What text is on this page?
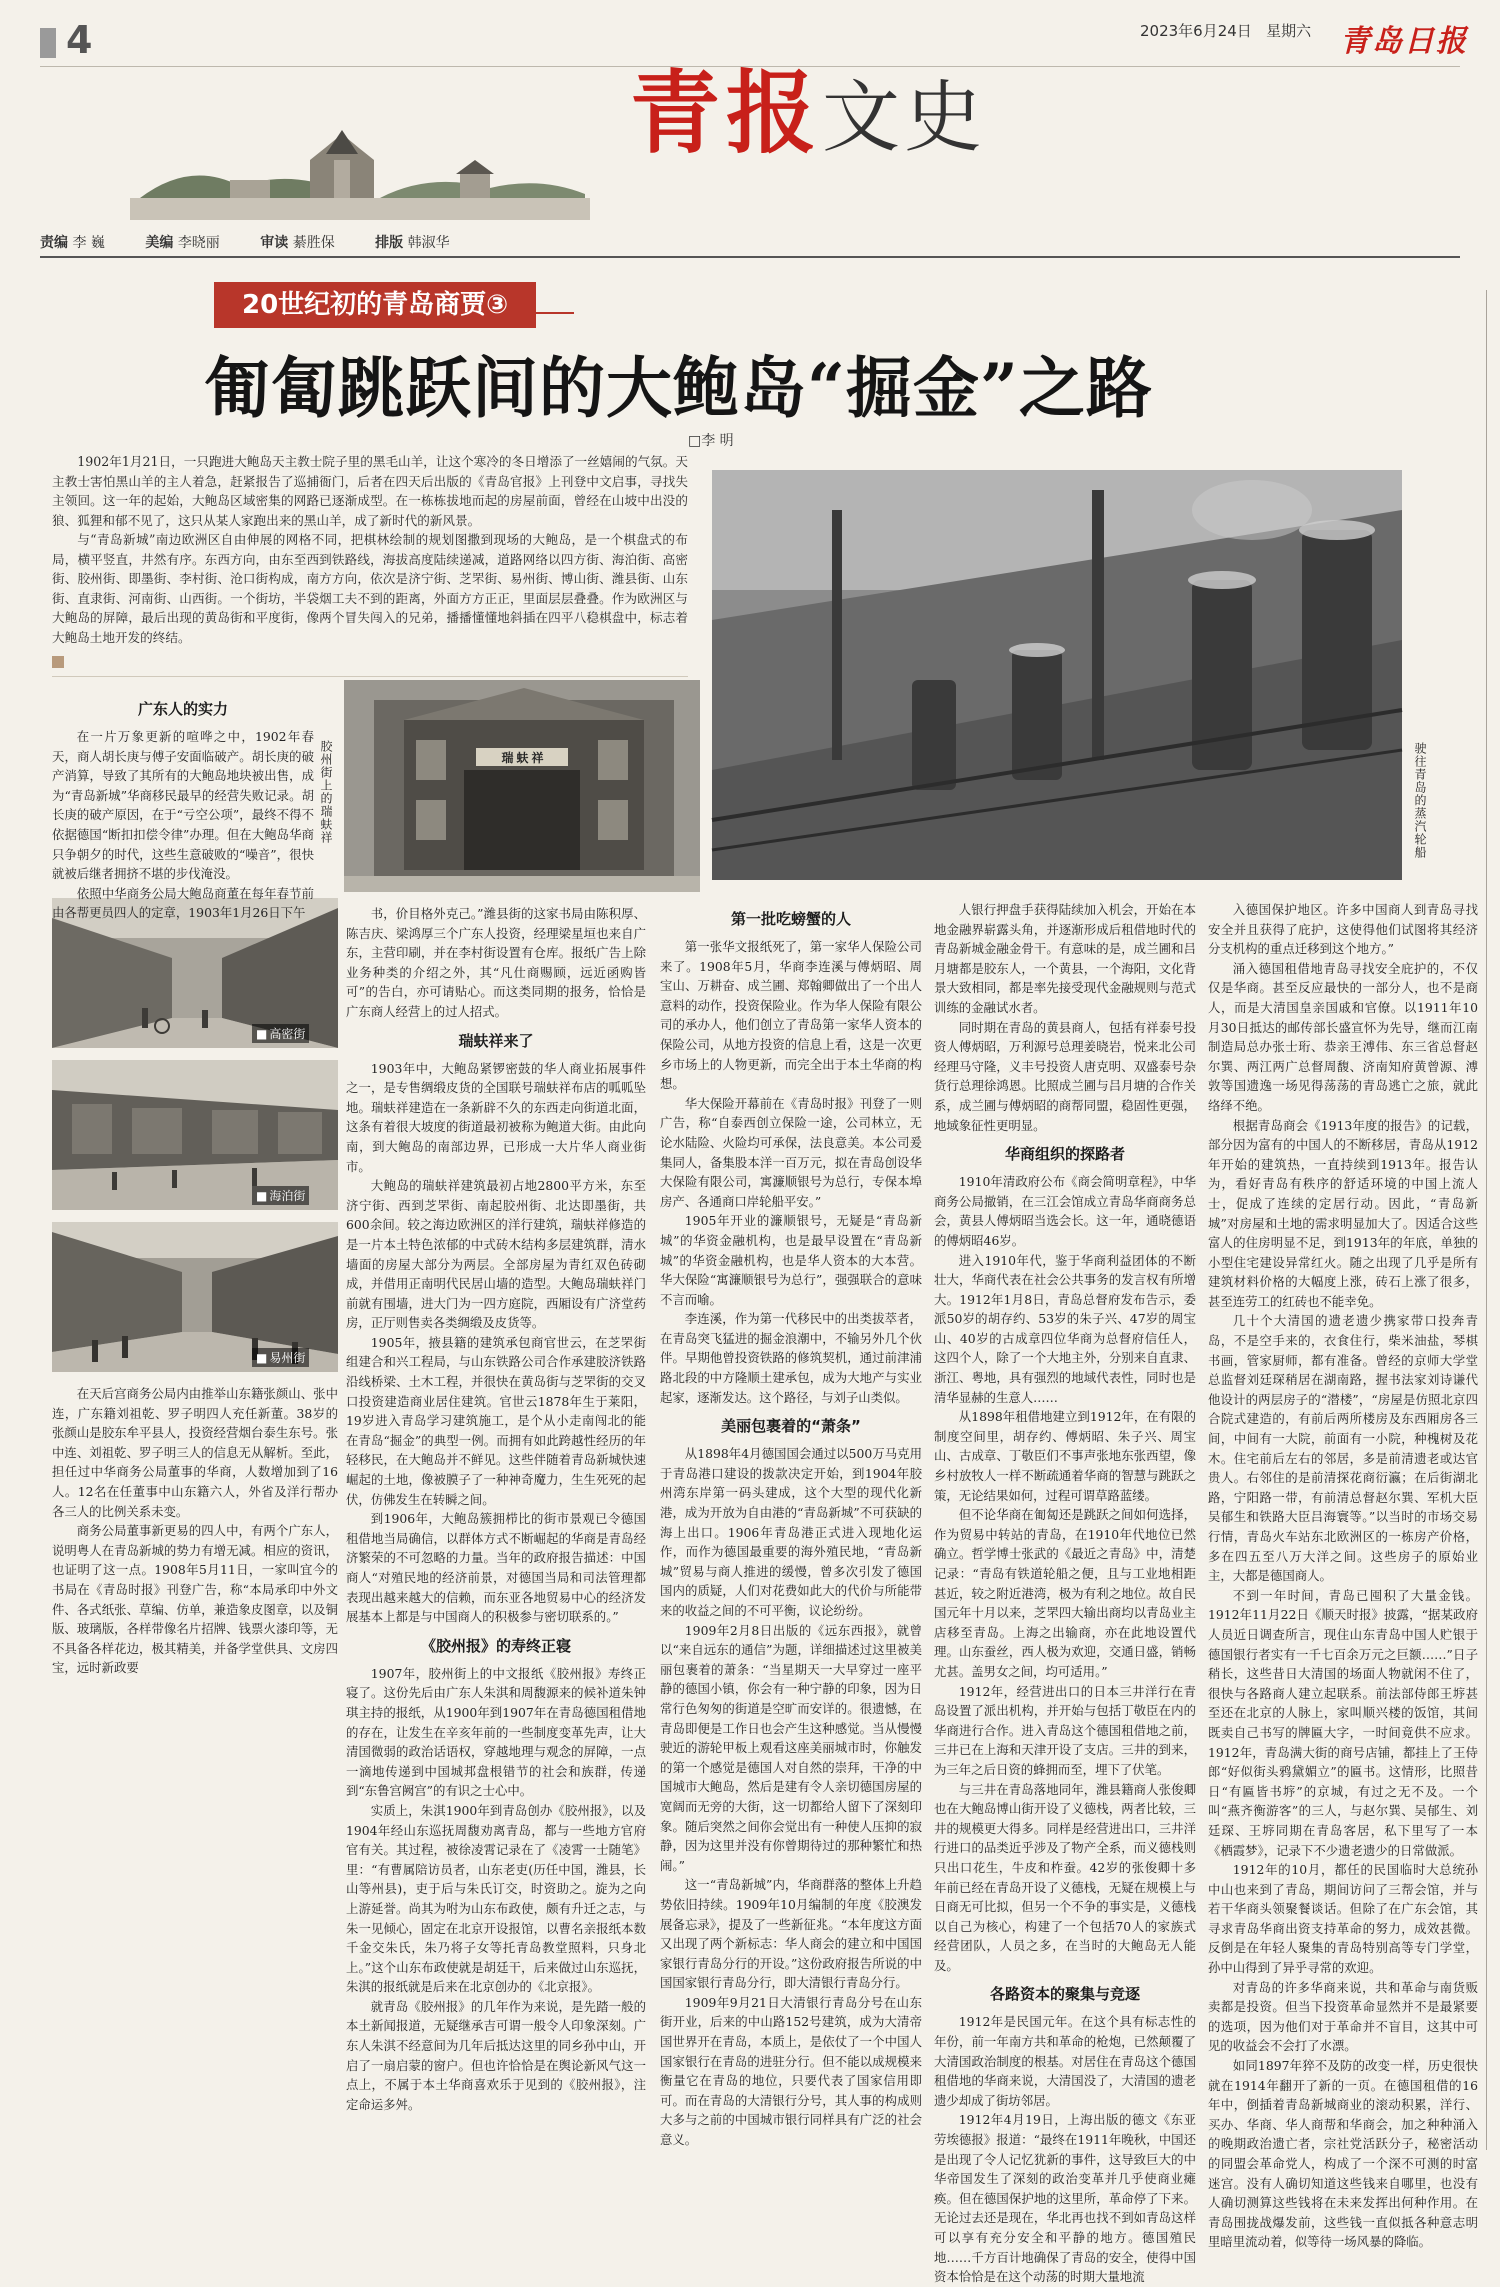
4	2023年6月24日 星期六 青岛日报
青报文史
责编 李 巍	美编 李晓丽	审读 綦胜保	排版 韩淑华
20世纪初的青岛商贾③
匍匐跳跃间的大鲍岛“掘金”之路
□李 明

1902年1月21日，一只跑进大鲍岛天主教士院子里的黑毛山羊，让这个寒冷的冬日增添了一丝嬉闹的气氛。天主教士害怕黑山羊的主人着急，赶紧报告了巡捕衙门，后者在四天后出版的《青岛官报》上刊登中文启事，寻找失主领回。这一年的起始，大鲍岛区域密集的网路已逐渐成型。在一栋栋拔地而起的房屋前面，曾经在山坡中出没的狼、狐狸和郁不见了，这只从某人家跑出来的黑山羊，成了新时代的新风景。

与“青岛新城”南边欧洲区自由伸展的网格不同，把棋林绘制的规划图撒到现场的大鲍岛，是一个棋盘式的布局，横平竖直，井然有序。东西方向，由东至西到铁路线，海拔高度陆续递减，道路网络以四方街、海泊街、高密街、胶州街、即墨街、李村街、沧口街构成，南方方向，依次是济宁街、芝罘街、易州街、博山街、潍县街、山东街、直隶街、河南街、山西街。一个街坊，半袋烟工夫不到的距离，外面方方正正，里面层层叠叠。作为欧洲区与大鲍岛的屏障，最后出现的黄岛街和平度街，像两个冒失闯入的兄弟，播播懂懂地斜插在四平八稳棋盘中，标志着大鲍岛土地开发的终结。

驶往青岛的蒸汽轮船
瑞蚨祥
胶州街上的瑞蚨祥
■ 高密街
■ 海泊街
■ 易州街

在天后宫商务公局内由推举山东籍张颜山、张中连，广东籍刘祖乾、罗子明四人充任新董。38岁的张颜山是胶东牟平县人，投资经营烟台泰生东号。张中连、刘祖乾、罗子明三人的信息无从解析。至此，担任过中华商务公局董事的华商，人数增加到了16人。12名在任董事中山东籍六人，外省及洋行帮办各三人的比例关系未变。

商务公局董事新更易的四人中，有两个广东人，说明粤人在青岛新城的势力有增无减。相应的资讯，也证明了这一点。1908年5月11日，一家叫宜今的书局在《青岛时报》刊登广告，称“本局承印中外文件、各式纸张、草编、仿单，兼造象皮图章，以及铜版、玻璃版，各样带像名片招牌、钱票火漆印等，无不具备各样花边，极其精美，并备学堂供具、文房四宝，远时新政要

书，价目格外克己。”潍县街的这家书局由陈积厚、陈吉庆、梁鸿厚三个广东人投资，经理梁星垣也来自广东，主营印刷，并在李村街设置有仓库。报纸广告上除业务种类的介绍之外，其“凡仕商赐顾，远近函购皆可”的告白，亦可请贴心。而这类同期的报务，恰恰是广东商人经营上的过人招式。

瑞蚨祥来了

1903年中，大鲍岛紧锣密鼓的华人商业拓展事件之一，是专售绸缎皮货的全国联号瑞蚨祥布店的呱呱坠地。瑞蚨祥建造在一条新辟不久的东西走向街道北面，这条有着很大坡度的街道最初被称为鲍道大街。由此向南，到大鲍岛的南部边界，已形成一大片华人商业街市。

大鲍岛的瑞蚨祥建筑最初占地2800平方米，东至济宁街、西到芝罘街、南起胶州街、北达即墨街，共600余间。较之海边欧洲区的洋行建筑，瑞蚨祥修造的是一片本土特色浓郁的中式砖木结构多层建筑群，清水墙面的房屋大部分为两层。全部房屋为青红双色砖砌成，并借用正南明代民居山墙的造型。大鲍岛瑞蚨祥门前就有围墙，进大门为一四方庭院，西厢设有广济堂药房，正厅则售卖各类绸缎及皮货等。

1905年，掖县籍的建筑承包商官世云，在芝罘街组建合和兴工程局，与山东铁路公司合作承建胶济铁路沿线桥梁、土木工程，并很快在黄岛街与芝罘街的交叉口投资建造商业居住建筑。官世云1878年生于莱阳，19岁进入青岛学习建筑施工，是个从小走南闯北的能在青岛“掘金”的典型一例。而拥有如此跨越性经历的年轻移民，在大鲍岛并不鲜见。这些伴随着青岛新城快速崛起的土地，像被膜子了一种神奇魔力，生生死死的起伏，仿佛发生在转瞬之间。

到1906年，大鲍岛簇拥栉比的街市景观已令德国租借地当局确信，以群体方式不断崛起的华商是青岛经济繁荣的不可忽略的力量。当年的政府报告描述：中国商人“对殖民地的经济前景，对德国当局和司法管理都表现出越来越大的信赖，而东亚各地贸易中心的经济发展基本上都是与中国商人的积极参与密切联系的。”

《胶州报》的寿终正寝

1907年，胶州街上的中文报纸《胶州报》寿终正寝了。这份先后由广东人朱淇和周馥源来的候补道朱钟琪主持的报纸，从1900年到1907年在青岛德国租借地的存在，让发生在辛亥年前的一些制度变革先声，让大清国微弱的政治话语权，穿越地理与观念的屏障，一点一滴地传递到中国城邦盘根错节的社会和族群，传递到“东鲁宫阙宫”的有识之士心中。

实质上，朱淇1900年到青岛创办《胶州报》，以及1904年经山东巡抚周馥劝离青岛，都与一些地方官府官有关。其过程，被徐凌霄记录在了《凌霄一士随笔》里：“有曹属陪访员者，山东老吏(历任中国，潍县，长山等州县)，吏于后与朱氏订交，时资助之。旋为之向上游延誉。尚其为咐为山东布政使，颇有升迁之志，与朱一见倾心，固定在北京开设报馆，以曹名亲报纸本数千金交朱氏，朱乃将子女等托青岛教堂照料，只身北上。”这个山东布政使就是胡廷干，后来做过山东巡抚，朱淇的报纸就是后来在北京创办的《北京报》。

就青岛《胶州报》的几年作为来说，是先踏一般的本土新闻报道，无疑继承吉可谓一般令人印象深刻。广东人朱淇不经意间为几年后抵达这里的同乡孙中山，开启了一扇启蒙的窗户。但也许恰恰是在舆论新风气这一点上，不属于本土华商喜欢乐于见到的《胶州报》，注定命运多舛。

第一批吃螃蟹的人

第一张华文报纸死了，第一家华人保险公司来了。1908年5月，华商李连溪与傅炳昭、周宝山、万耕奋、成兰圃、郑翰卿做出了一个出人意料的动作，投资保险业。作为华人保险有限公司的承办人，他们创立了青岛第一家华人资本的保险公司，从地方投资的信息上看，这是一次更乡市场上的人物更新，而完全出于本土华商的构想。

华大保险开幕前在《青岛时报》刊登了一则广告，称“自泰西创立保险一途，公司林立，无论水陆险、火险均可承保，法良意美。本公司爰集同人，备集股本洋一百万元，拟在青岛创设华大保险有限公司，寓濂顺银号为总行，专保本埠房产、各通商口岸轮船平安。”

1905年开业的濂顺银号，无疑是“青岛新城”的华资金融机构，也是最早设置在“青岛新城”的华资金融机构，也是华人资本的大本营。华大保险“寓濂顺银号为总行”，强强联合的意味不言而喻。

李连溪，作为第一代移民中的出类拔萃者，在青岛突飞猛进的掘金浪潮中，不输另外几个伙伴。早期他曾投资铁路的修筑契机，通过前津浦路北段的中方隆顺土建承包，成为大地产与实业起家，逐渐发达。这个路径，与刘子山类似。

美丽包裹着的“萧条”

从1898年4月德国国会通过以500万马克用于青岛港口建设的拨款决定开始，到1904年胶州湾东岸第一码头建成，这个大型的现代化新港，成为开放为自由港的“青岛新城”不可获缺的海上出口。1906年青岛港正式进入现地化运作，而作为德国最重要的海外殖民地，“青岛新城”贸易与商人推进的缓慢，曾多次引发了德国国内的质疑，人们对花费如此大的代价与所能带来的收益之间的不可平衡，议论纷纷。

1909年2月8日出版的《远东西报》，就曾以“来自远东的通信”为题，详细描述过这里被美丽包裹着的萧条：“当星期天一大早穿过一座平静的德国小镇，你会有一种宁静的印象，因为日常行色匆匆的街道是空旷而安详的。很遗憾，在青岛即便是工作日也会产生这种感觉。当从慢慢驶近的游轮甲板上观看这座美丽城市时，你触发的第一个感觉是德国人对自然的崇拜，干净的中国城市大鲍岛，然后是建有令人亲切德国房屋的宽阔而无旁的大街，这一切都给人留下了深刻印象。随后突然之间你会觉出有一种使人压抑的寂静，因为这里并没有你曾期待过的那种繁忙和热闹。”

这一“青岛新城”内，华商群落的整体上升趋势依旧持续。1909年10月编制的年度《胶澳发展备忘录》，提及了一些新征兆。“本年度这方面又出现了两个新标志：华人商会的建立和中国国家银行青岛分行的开设。”这份政府报告所说的中国国家银行青岛分行，即大清银行青岛分行。

1909年9月21日大清银行青岛分号在山东街开业，后来的中山路152号建筑，成为大清帝国世界开在青岛，本质上，是依仗了一个中国人国家银行在青岛的进驻分行。但不能以成规模来衡量它在青岛的地位，只要代表了国家信用即可。而在青岛的大清银行分号，其人事的构成则大多与之前的中国城市银行同样具有广泛的社会意义。

人银行押盘手获得陆续加入机会，开始在本地金融界崭露头角，并逐渐形成后租借地时代的青岛新城金融金骨干。有意味的是，成兰圃和吕月塘都是胶东人，一个黄县，一个海阳，文化背景大致相同，都是率先接受现代金融规则与范式训练的金融试水者。

同时期在青岛的黄县商人，包括有祥泰号投资人傅炳昭，万利源号总理姜晓岩，悦来北公司经理马守隆，义丰号投资人唐克明、双盛泰号杂货行总理徐鸿恩。比照成兰圃与吕月塘的合作关系，成兰圃与傅炳昭的商帮同盟，稳固性更强，地域象征性更明显。

华商组织的探路者

1910年清政府公布《商会简明章程》，中华商务公局撤销，在三江会馆成立青岛华商商务总会，黄县人傅炳昭当选会长。这一年，通晓德语的傅炳昭46岁。

进入1910年代，鉴于华商利益团体的不断壮大，华商代表在社会公共事务的发言权有所增大。1912年1月8日，青岛总督府发布告示，委派50岁的胡存约、53岁的朱子兴、47岁的周宝山、40岁的古成章四位华商为总督府信任人，这四个人，除了一个大地主外，分别来自直隶、浙江、粤地，具有强烈的地域代表性，同时也是清华显赫的生意人……

从1898年租借地建立到1912年，在有限的制度空间里，胡存约、傅炳昭、朱子兴、周宝山、古成章、丁敬臣们不事声张地东张西望，像乡村放牧人一样不断疏通着华商的智慧与跳跃之策，无论结果如何，过程可谓草路蓝缕。

但不论华商在匍匐还是跳跃之间如何选择，作为贸易中转站的青岛，在1910年代地位已然确立。哲学博士张武的《最近之青岛》中，清楚记录：“青岛有铁道轮船之便，且与工业地相距甚近，较之附近港湾，极为有利之地位。故自民国元年十月以来，芝罘四大输出商均以青岛业主店移至青岛。上海之出输商，亦在此地设置代理。山东蚕丝，西人极为欢迎，交通日盛，销畅尤甚。盖男女之间，均可适用。”

1912年，经营进出口的日本三井洋行在青岛设置了派出机构，并开始与包括丁敬臣在内的华商进行合作。进入青岛这个德国租借地之前，三井已在上海和天津开设了支店。三井的到来，为三年之后日资的蜂拥而至，埋下了伏笔。

与三井在青岛落地同年，潍县籍商人张俊卿也在大鲍岛博山街开设了义德栈，两者比较，三井的规模更大得多。同样是经营进出口，三井洋行进口的品类近乎涉及了物产全系，而义德栈则只出口花生，牛皮和柞蚕。42岁的张俊卿十多年前已经在青岛开设了义德栈，无疑在规模上与日商无可比拟，但另一个不争的事实是，义德栈以自己为核心，构建了一个包括70人的家族式经营团队，人员之多，在当时的大鲍岛无人能及。

各路资本的聚集与竞逐

1912年是民国元年。在这个具有标志性的年份，前一年南方共和革命的枪炮，已然颠覆了大清国政治制度的根基。对居住在青岛这个德国租借地的华商来说，大清国没了，大清国的遗老遗少却成了街坊邻居。

1912年4月19日，上海出版的德文《东亚劳埃德报》报道：“最终在1911年晚秋，中国还是出现了令人记忆犹新的事件，这导致巨大的中华帝国发生了深刻的政治变革并几乎使商业瘫痪。但在德国保护地的这里所，革命停了下来。无论过去还是现在，华北再也找不到如青岛这样可以享有充分安全和平静的地方。德国殖民地……千方百计地确保了青岛的安全，使得中国资本恰恰是在这个动荡的时期大量地流

入德国保护地区。许多中国商人到青岛寻找安全并且获得了庇护，这使得他们试图将其经济分支机构的重点迁移到这个地方。”

涌入德国租借地青岛寻找安全庇护的，不仅仅是华商。甚至反应最快的一部分人，也不是商人，而是大清国皇亲国戚和官僚。以1911年10月30日抵达的邮传部长盛宣怀为先导，继而江南制造局总办张士珩、恭亲王溥伟、东三省总督赵尔巽、两江两广总督周馥、济南知府黄曾源、溥敦等国遗逸一场见得荡荡的青岛逃亡之旅，就此络绎不绝。

根据青岛商会《1913年度的报告》的记载，部分因为富有的中国人的不断移居，青岛从1912年开始的建筑热，一直持续到1913年。报告认为，看好青岛有秩序的舒适环境的中国上流人士，促成了连续的定居行动。因此，“青岛新城”对房屋和土地的需求明显加大了。因适合这些富人的住房明显不足，到1913年的年底，单独的小型住宅建设异常红火。随之出现了几乎是所有建筑材料价格的大幅度上涨，砖石上涨了很多，甚至连劳工的红砖也不能幸免。

几十个大清国的遗老遗少携家带口投奔青岛，不是空手来的，衣食住行，柴米油盐，琴棋书画，管家厨师，都有准备。曾经的京师大学堂总监督刘廷琛稍居在湖南路，握书法家刘诗谦代他设计的两层房子的“潜楼”，“房屋是仿照北京四合院式建造的，有前后两所楼房及东西厢房各三间，中间有一大院，前面有一小院，种槐树及花木。住宅前后左右的邻居，多是前清遗老或达官贵人。右邻住的是前清探花商衍瀛；在后街湖北路，宁阳路一带，有前清总督赵尔巽、军机大臣吴郁生和铁路大臣吕海寰等。”以当时的市场交易行情，青岛火车站东北欧洲区的一栋房产价格，多在四五至八万大洋之间。这些房子的原始业主，大都是德国商人。

不到一年时间，青岛已囤积了大量金钱。1912年11月22日《顺天时报》披露，“据某政府人员近日调查所言，现住山东青岛中国人贮银于德国银行者实有一千七百余万元之巨额……”日子稍长，这些昔日大清国的场面人物就闲不住了，很快与各路商人建立起联系。前法部侍郎王垿甚至还在北京的人脉上，家叫顺兴楼的饭馆，其间既卖自己书写的牌匾大字，一时间竟供不应求。1912年，青岛满大街的商号店铺，都挂上了王侍郎“好似街头鸦黛媚立”的匾书。这情形，比照昔日“有匾皆书垿”的京城，有过之无不及。一个叫“燕齐衡游客”的三人，与赵尔巽、吴郁生、刘廷琛、王垿同期在青岛客居，私下里写了一本《栖霞梦》，记录下不少遗老遗少的日常做派。

1912年的10月，都任的民国临时大总统孙中山也来到了青岛，期间访问了三帮会馆，并与若干华商头领聚餐谈话。但除了在广东会馆，其寻求青岛华商出资支持革命的努力，成效甚微。反倒是在年轻人聚集的青岛特别高等专门学堂，孙中山得到了异乎寻常的欢迎。

对青岛的许多华商来说，共和革命与南货贩卖都是投资。但当下投资革命显然并不是最紧要的选项，因为他们对于革命并不盲目，这其中可见的收益会不会打了水漂。

如同1897年猝不及防的改变一样，历史很快就在1914年翻开了新的一页。在德国租借的16年中，倒插着青岛新城商业的滚动积累，洋行、买办、华商、华人商帮和华商会，加之种种涌入的晚期政治遗亡者，宗社党活跃分子，秘密活动的同盟会革命党人，构成了一个深不可测的时富迷宫。没有人确切知道这些钱来自哪里，也没有人确切测算这些钱将在未来发挥出何种作用。在青岛围拢战爆发前，这些钱一直似抵各种意志明里暗里流动着，似等待一场风暴的降临。

广东人的实力

在一片万象更新的喧哗之中，1902年春天，商人胡长庚与傅子安面临破产。胡长庚的破产消算，导致了其所有的大鲍岛地块被出售，成为“青岛新城”华商移民最早的经营失败记录。胡长庚的破产原因，在于“亏空公项”，最终不得不依据德国“断扣扣偿令律”办理。但在大鲍岛华商只争朝夕的时代，这些生意破败的“噪音”，很快就被后继者拥挤不堪的步伐淹没。

依照中华商务公局大鲍岛商董在每年春节前由各帮更员四人的定章，1903年1月26日下午
